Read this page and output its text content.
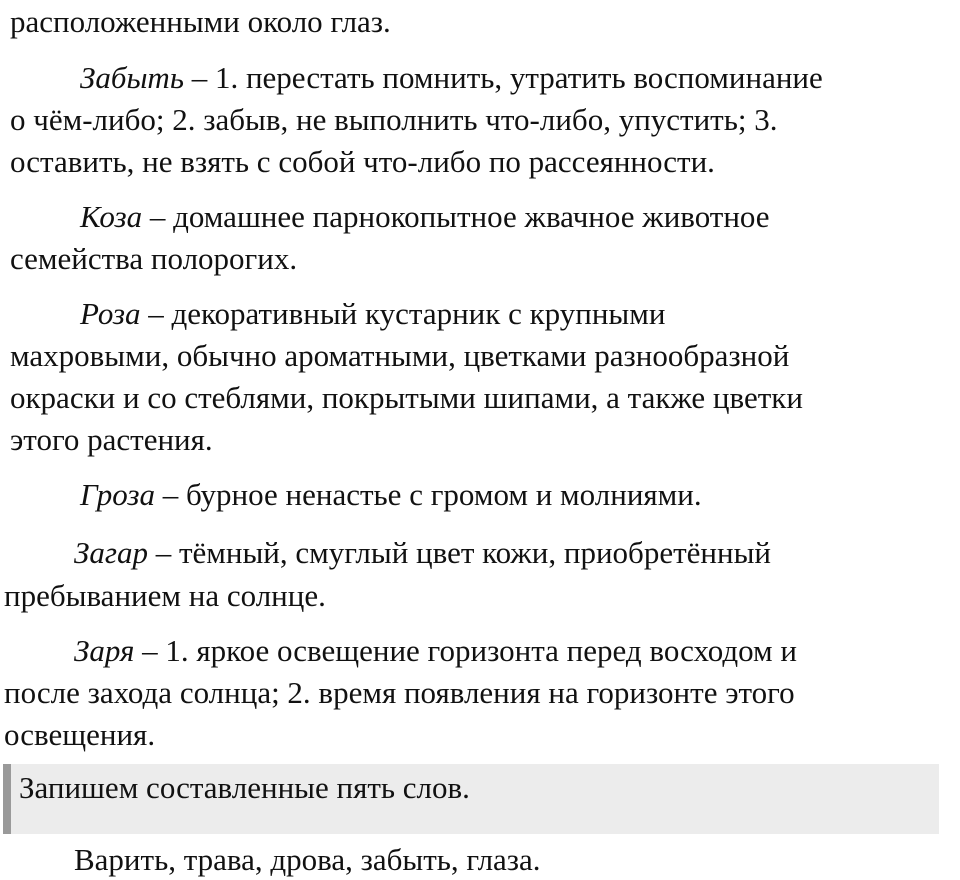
расположенными около глаз.
Забыть – 1. перестать помнить, утратить воспоминание
о чём-либо; 2. забыв, не выполнить что-либо, упустить; 3.
оставить, не взять с собой что-либо по рассеянности.
Коза – домашнее парнокопытное жвачное животное
семейства полорогих.
Роза – декоративный кустарник с крупными
махровыми, обычно ароматными, цветками разнообразной
окраски и со стеблями, покрытыми шипами, а также цветки
этого растения.
Гроза – бурное ненастье с громом и молниями.
Загар – тёмный, смуглый цвет кожи, приобретённый
пребыванием на солнце.
Заря – 1. яркое освещение горизонта перед восходом и
после захода солнца; 2. время появления на горизонте этого
освещения.
Запишем составленные пять слов.
Варить, трава, дрова, забыть, глаза.
